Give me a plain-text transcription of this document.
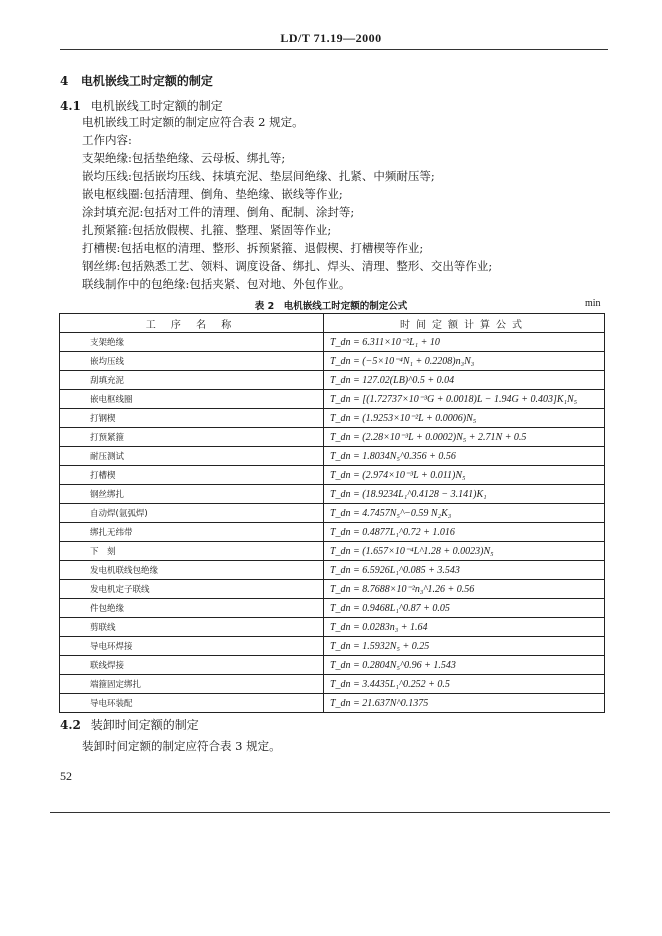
LD/T 71.19—2000
4 电机嵌线工时定额的制定
4.1 电机嵌线工时定额的制定
电机嵌线工时定额的制定应符合表 2 规定。
工作内容:
支架绝缘:包括垫绝缘、云母板、绑扎等;
嵌均压线:包括嵌均压线、抹填充泥、垫层间绝缘、扎紧、中频耐压等;
嵌电枢线圈:包括清理、倒角、垫绝缘、嵌线等作业;
涂封填充泥:包括对工件的清理、倒角、配制、涂封等;
扎预紧箍:包括放假楔、扎箍、整理、紧固等作业;
打槽楔:包括电枢的清理、整形、拆预紧箍、退假楔、打槽楔等作业;
钢丝绑:包括熟悉工艺、领料、调度设备、绑扎、焊头、清理、整形、交出等作业;
联线制作中的包绝缘:包括夹紧、包对地、外包作业。
表 2　电机嵌线工时定额的制定公式	min
工 序 名 称	时间定额计算公式
支架绝缘	T_dn = 6.311×10⁻²L₁ + 10
嵌均压线	T_dn = (−5×10⁻⁴N₁ + 0.2208)n₃N₃
刮填充泥	T_dn = 127.02(LB)^0.5 + 0.04
嵌电枢线圈	T_dn = [(1.72737×10⁻³G + 0.0018)L − 1.94G + 0.403]K₁N₅
打钢楔	T_dn = (1.9253×10⁻²L + 0.0006)N₅
打预紧箍	T_dn = (2.28×10⁻³L + 0.0002)N₅ + 2.71N + 0.5
耐压测试	T_dn = 1.8034N₅^0.356 + 0.56
打槽楔	T_dn = (2.974×10⁻³L + 0.011)N₅
钢丝绑扎	T_dn = (18.9234L₁^0.4128 − 3.141)K₁
自动焊(氩弧焊)	T_dn = 4.7457N₅^−0.59 N₂K₃
绑扎无纬带	T_dn = 0.4877L₁^0.72 + 1.016
下　刻	T_dn = (1.657×10⁻⁴L^1.28 + 0.0023)N₅
发电机联线包绝缘	T_dn = 6.5926L₁^0.085 + 3.543
发电机定子联线	T_dn = 8.7688×10⁻²n₃^1.26 + 0.56
件包绝缘	T_dn = 0.9468L₁^0.87 + 0.05
剪联线	T_dn = 0.0283n₃ + 1.64
导电环焊接	T_dn = 1.5932N₅ + 0.25
联线焊接	T_dn = 0.2804N₅^0.96 + 1.543
端箍固定绑扎	T_dn = 3.4435L₁^0.252 + 0.5
导电环装配	T_dn = 21.637N^0.1375
4.2 装卸时间定额的制定
装卸时间定额的制定应符合表 3 规定。
52
